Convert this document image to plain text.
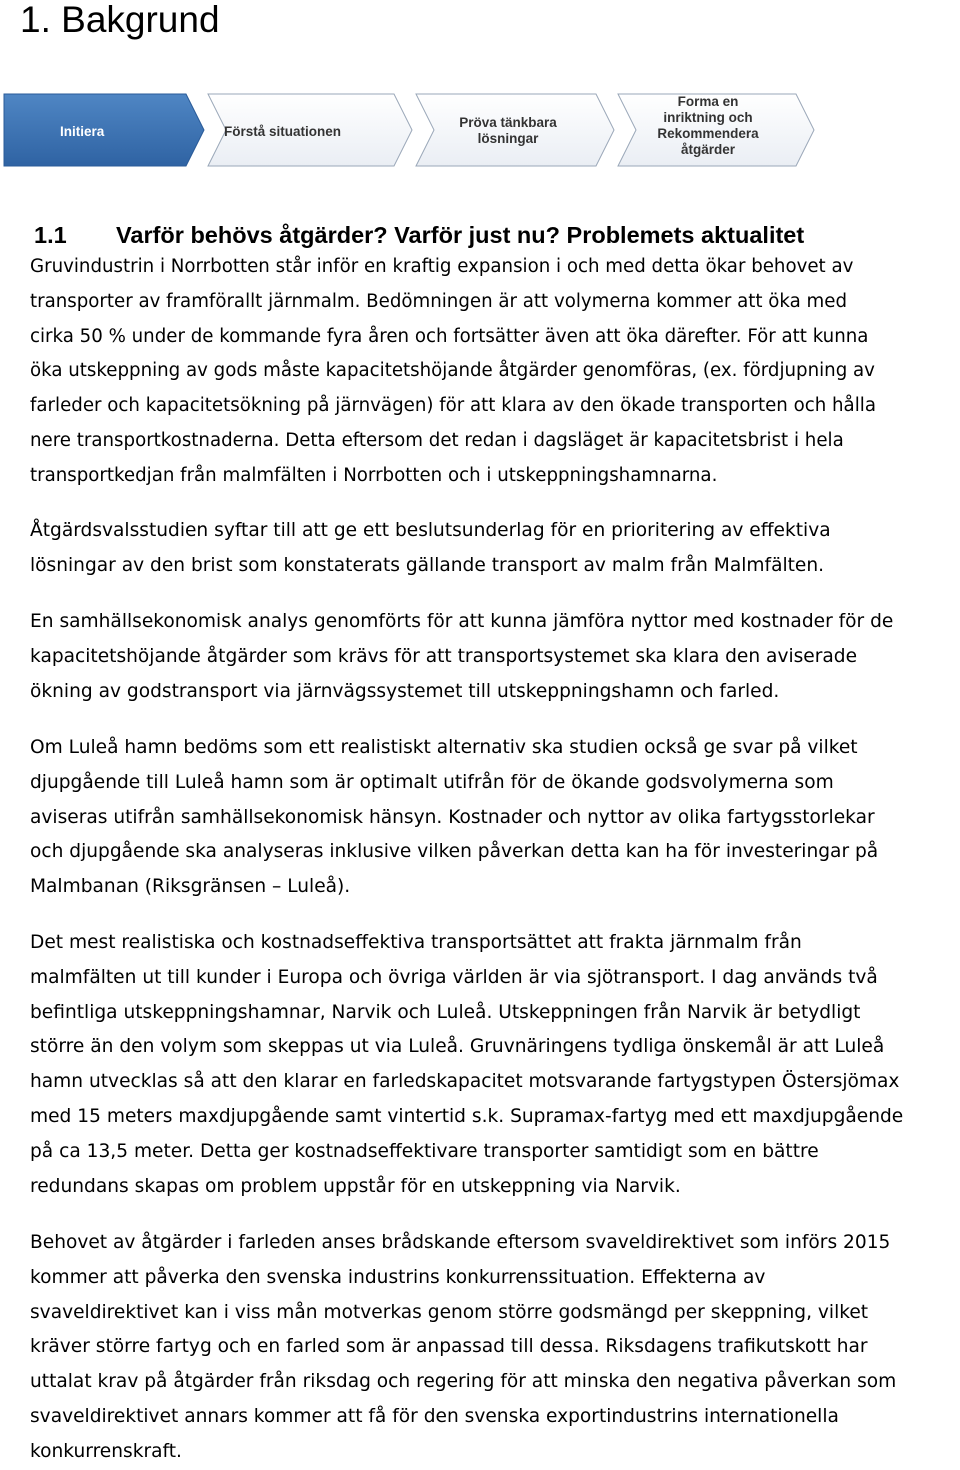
1. Bakgrund
Initiera	Förstå situationen
Pröva tänkbara lösningar
Forma en inriktning och Rekommendera åtgärder
1.1 Varför behövs åtgärder? Varför just nu? Problemets aktualitet
Gruvindustrin i Norrbotten står inför en kraftig expansion i och med detta ökar behovet av
transporter av framförallt järnmalm. Bedömningen är att volymerna kommer att öka med
cirka 50 % under de kommande fyra åren och fortsätter även att öka därefter. För att kunna
öka utskeppning av gods måste kapacitetshöjande åtgärder genomföras, (ex. fördjupning av
farleder och kapacitetsökning på järnvägen) för att klara av den ökade transporten och hålla
nere transportkostnaderna. Detta eftersom det redan i dagsläget är kapacitetsbrist i hela
transportkedjan från malmfälten i Norrbotten och i utskeppningshamnarna.
Åtgärdsvalsstudien syftar till att ge ett beslutsunderlag för en prioritering av effektiva
lösningar av den brist som konstaterats gällande transport av malm från Malmfälten.
En samhällsekonomisk analys genomförts för att kunna jämföra nyttor med kostnader för de
kapacitetshöjande åtgärder som krävs för att transportsystemet ska klara den aviserade
ökning av godstransport via järnvägssystemet till utskeppningshamn och farled.
Om Luleå hamn bedöms som ett realistiskt alternativ ska studien också ge svar på vilket
djupgående till Luleå hamn som är optimalt utifrån för de ökande godsvolymerna som
aviseras utifrån samhällsekonomisk hänsyn. Kostnader och nyttor av olika fartygsstorlekar
och djupgående ska analyseras inklusive vilken påverkan detta kan ha för investeringar på
Malmbanan (Riksgränsen – Luleå).
Det mest realistiska och kostnadseffektiva transportsättet att frakta järnmalm från
malmfälten ut till kunder i Europa och övriga världen är via sjötransport. I dag används två
befintliga utskeppningshamnar, Narvik och Luleå. Utskeppningen från Narvik är betydligt
större än den volym som skeppas ut via Luleå. Gruvnäringens tydliga önskemål är att Luleå
hamn utvecklas så att den klarar en farledskapacitet motsvarande fartygstypen Östersjömax
med 15 meters maxdjupgående samt vintertid s.k. Supramax-fartyg med ett maxdjupgående
på ca 13,5 meter. Detta ger kostnadseffektivare transporter samtidigt som en bättre
redundans skapas om problem uppstår för en utskeppning via Narvik.
Behovet av åtgärder i farleden anses brådskande eftersom svaveldirektivet som införs 2015
kommer att påverka den svenska industrins konkurrenssituation. Effekterna av
svaveldirektivet kan i viss mån motverkas genom större godsmängd per skeppning, vilket
kräver större fartyg och en farled som är anpassad till dessa. Riksdagens trafikutskott har
uttalat krav på åtgärder från riksdag och regering för att minska den negativa påverkan som
svaveldirektivet annars kommer att få för den svenska exportindustrins internationella
konkurrenskraft.
